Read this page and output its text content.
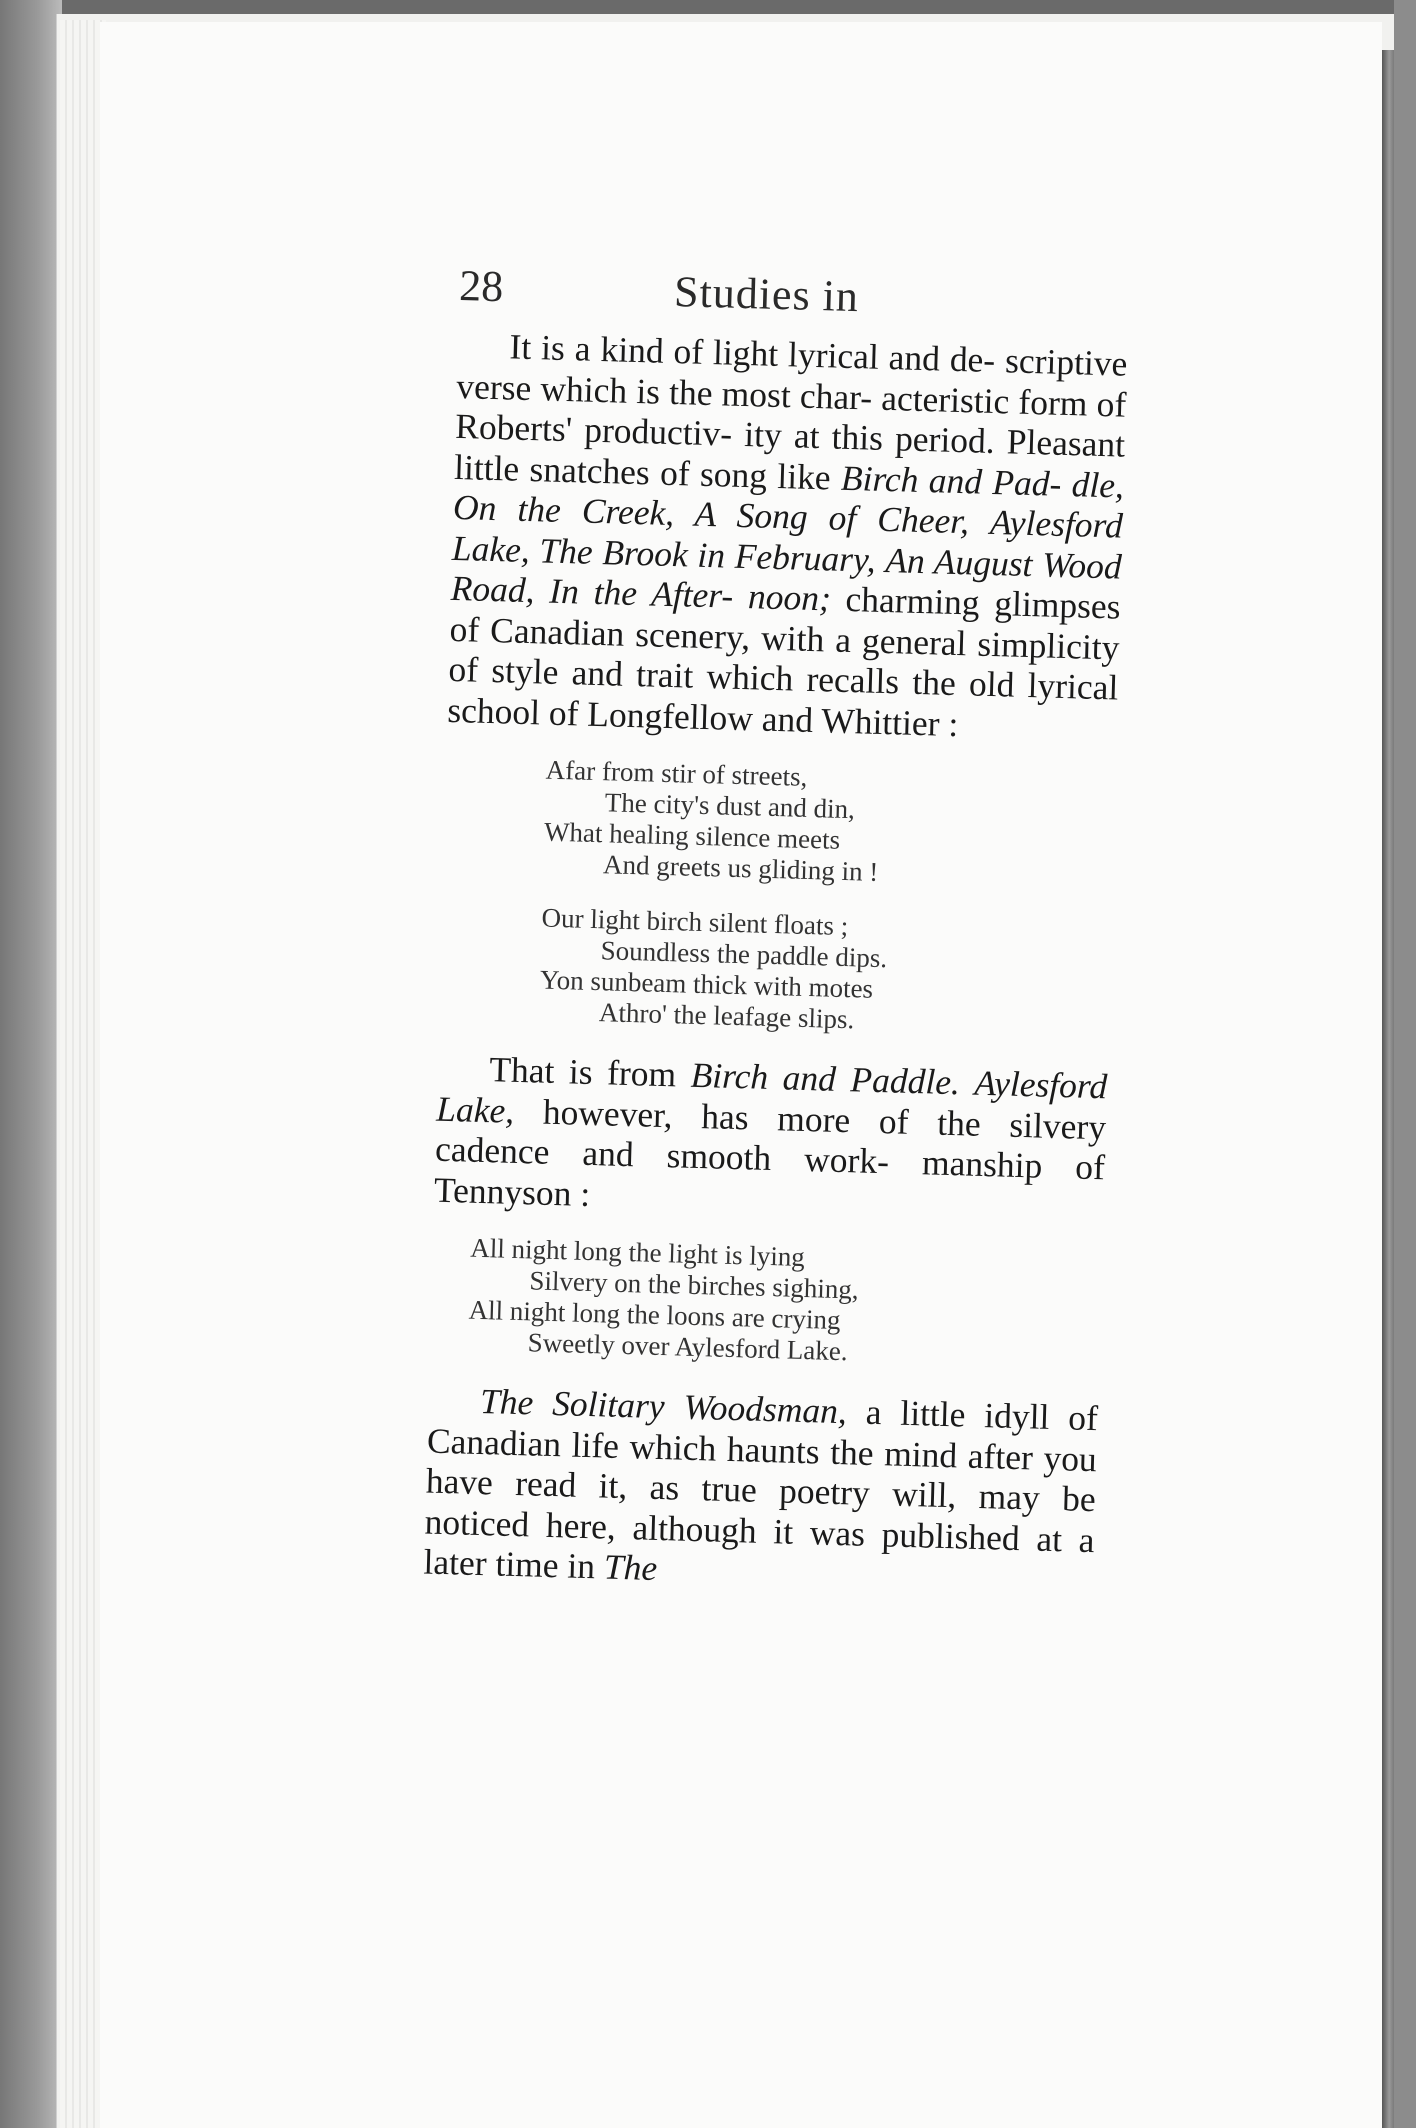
28	Studies in

It is a kind of light lyrical and de- scriptive verse which is the most char- acteristic form of Roberts' productiv- ity at this period. Pleasant little snatches of song like Birch and Pad- dle, On the Creek, A Song of Cheer, Aylesford Lake, The Brook in February, An August Wood Road, In the After- noon; charming glimpses of Canadian scenery, with a general simplicity of style and trait which recalls the old lyrical school of Longfellow and Whittier :

Afar from stir of streets,
The city's dust and din,
What healing silence meets
And greets us gliding in !
Our light birch silent floats ;
Soundless the paddle dips.
Yon sunbeam thick with motes
Athro' the leafage slips.

That is from Birch and Paddle. Aylesford Lake, however, has more of the silvery cadence and smooth work- manship of Tennyson :

All night long the light is lying
Silvery on the birches sighing,
All night long the loons are crying
Sweetly over Aylesford Lake.

The Solitary Woodsman, a little idyll of Canadian life which haunts the mind after you have read it, as true poetry will, may be noticed here, although it was published at a later time in The
